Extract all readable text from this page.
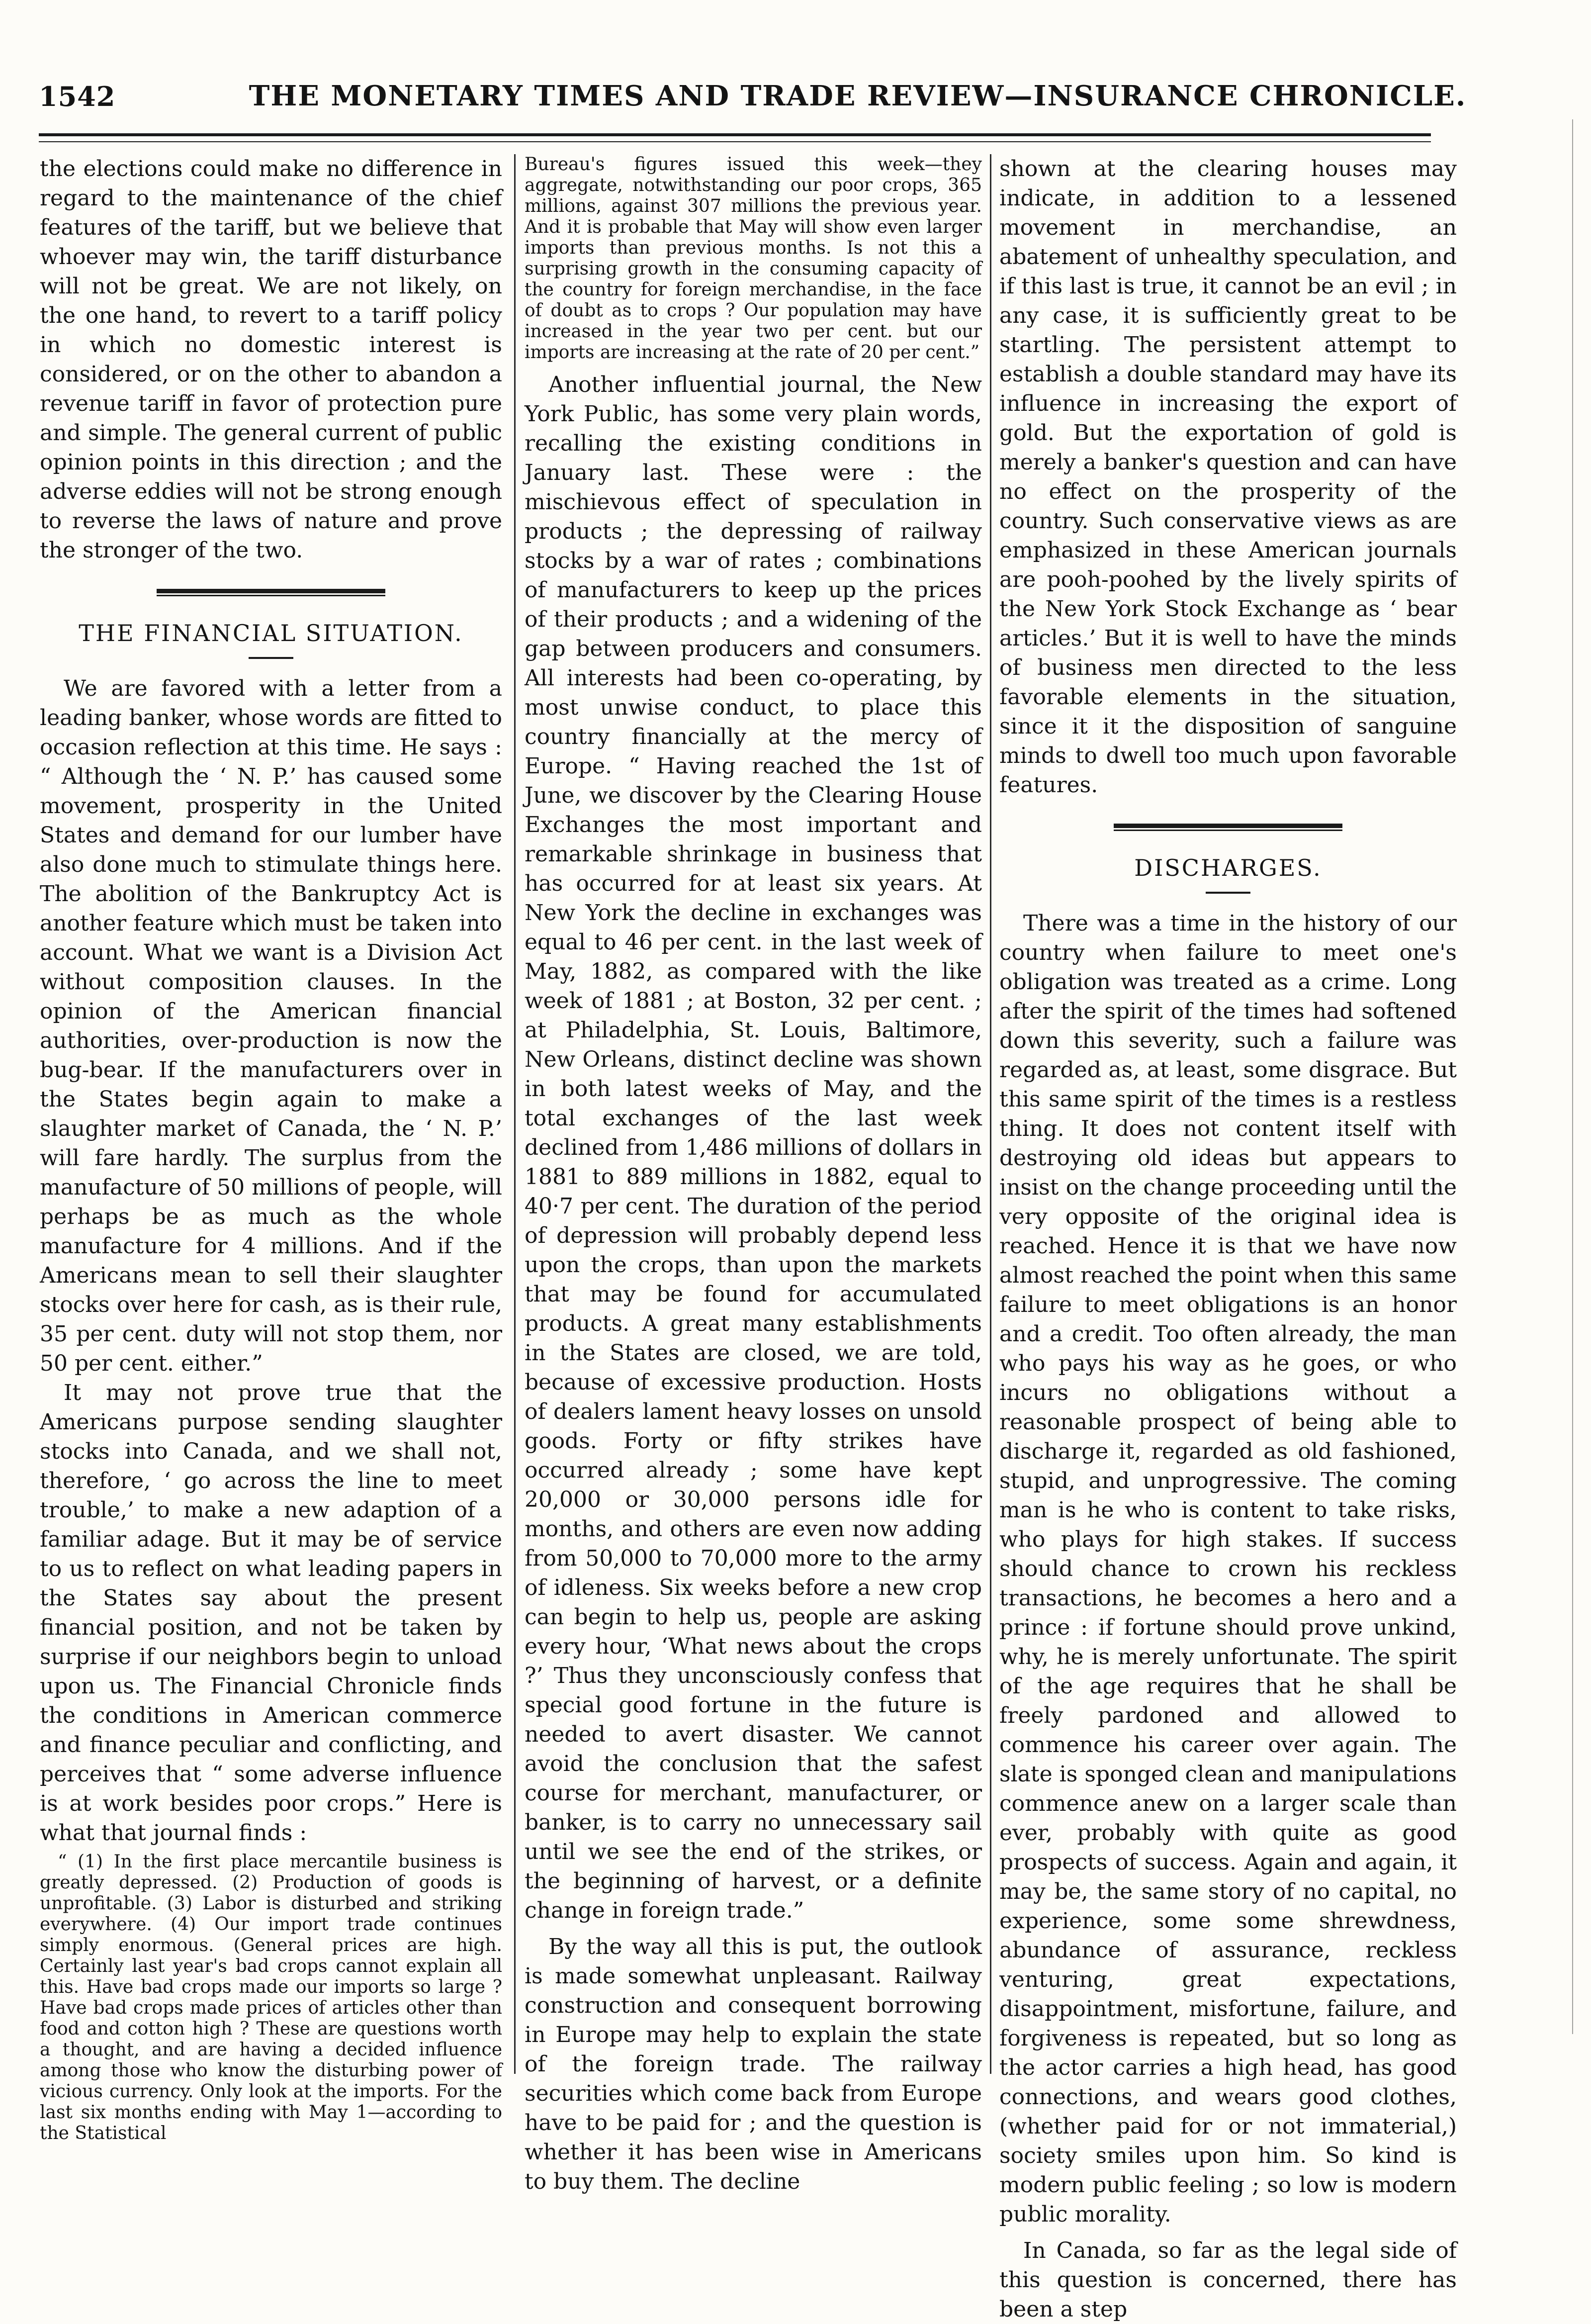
1542	THE MONETARY TIMES AND TRADE REVIEW—INSURANCE CHRONICLE.

the elections could make no difference in regard to the maintenance of the chief features of the tariff, but we believe that whoever may win, the tariff disturbance will not be great. We are not likely, on the one hand, to revert to a tariff policy in which no domestic interest is considered, or on the other to abandon a revenue tariff in favor of protection pure and simple. The general current of public opinion points in this direction ; and the adverse eddies will not be strong enough to reverse the laws of nature and prove the stronger of the two.

THE FINANCIAL SITUATION.

We are favored with a letter from a leading banker, whose words are fitted to occasion reflection at this time. He says : “ Although the ‘ N. P.’ has caused some movement, prosperity in the United States and demand for our lumber have also done much to stimulate things here. The abolition of the Bankruptcy Act is another feature which must be taken into account. What we want is a Division Act without composition clauses. In the opinion of the American financial authorities, over-production is now the bug-bear. If the manufacturers over in the States begin again to make a slaughter market of Canada, the ‘ N. P.’ will fare hardly. The surplus from the manufacture of 50 millions of people, will perhaps be as much as the whole manufacture for 4 millions. And if the Americans mean to sell their slaughter stocks over here for cash, as is their rule, 35 per cent. duty will not stop them, nor 50 per cent. either.”

It may not prove true that the Americans purpose sending slaughter stocks into Canada, and we shall not, therefore, ‘ go across the line to meet trouble,’ to make a new adaption of a familiar adage. But it may be of service to us to reflect on what leading papers in the States say about the present financial position, and not be taken by surprise if our neighbors begin to unload upon us. The Financial Chronicle finds the conditions in American commerce and finance peculiar and conflicting, and perceives that “ some adverse influence is at work besides poor crops.” Here is what that journal finds :

“ (1) In the first place mercantile business is greatly depressed. (2) Production of goods is unprofitable. (3) Labor is disturbed and striking everywhere. (4) Our import trade continues simply enormous. (General prices are high. Certainly last year's bad crops cannot explain all this. Have bad crops made our imports so large ? Have bad crops made prices of articles other than food and cotton high ? These are questions worth a thought, and are having a decided influence among those who know the disturbing power of vicious currency. Only look at the imports. For the last six months ending with May 1—according to the Statistical

Bureau's figures issued this week—they aggregate, notwithstanding our poor crops, 365 millions, against 307 millions the previous year. And it is probable that May will show even larger imports than previous months. Is not this a surprising growth in the consuming capacity of the country for foreign merchandise, in the face of doubt as to crops ? Our population may have increased in the year two per cent. but our imports are increasing at the rate of 20 per cent.”

Another influential journal, the New York Public, has some very plain words, recalling the existing conditions in January last. These were : the mischievous effect of speculation in products ; the depressing of railway stocks by a war of rates ; combinations of manufacturers to keep up the prices of their products ; and a widening of the gap between producers and consumers. All interests had been co-operating, by most unwise conduct, to place this country financially at the mercy of Europe. “ Having reached the 1st of June, we discover by the Clearing House Exchanges the most important and remarkable shrinkage in business that has occurred for at least six years. At New York the decline in exchanges was equal to 46 per cent. in the last week of May, 1882, as compared with the like week of 1881 ; at Boston, 32 per cent. ; at Philadelphia, St. Louis, Baltimore, New Orleans, distinct decline was shown in both latest weeks of May, and the total exchanges of the last week declined from 1,486 millions of dollars in 1881 to 889 millions in 1882, equal to 40·7 per cent. The duration of the period of depression will probably depend less upon the crops, than upon the markets that may be found for accumulated products. A great many establishments in the States are closed, we are told, because of excessive production. Hosts of dealers lament heavy losses on unsold goods. Forty or fifty strikes have occurred already ; some have kept 20,000 or 30,000 persons idle for months, and others are even now adding from 50,000 to 70,000 more to the army of idleness. Six weeks before a new crop can begin to help us, people are asking every hour, ‘What news about the crops ?’ Thus they unconsciously confess that special good fortune in the future is needed to avert disaster. We cannot avoid the conclusion that the safest course for merchant, manufacturer, or banker, is to carry no unnecessary sail until we see the end of the strikes, or the beginning of harvest, or a definite change in foreign trade.”

By the way all this is put, the outlook is made somewhat unpleasant. Railway construction and consequent borrowing in Europe may help to explain the state of the foreign trade. The railway securities which come back from Europe have to be paid for ; and the question is whether it has been wise in Americans to buy them. The decline

shown at the clearing houses may indicate, in addition to a lessened movement in merchandise, an abatement of unhealthy speculation, and if this last is true, it cannot be an evil ; in any case, it is sufficiently great to be startling. The persistent attempt to establish a double standard may have its influence in increasing the export of gold. But the exportation of gold is merely a banker's question and can have no effect on the prosperity of the country. Such conservative views as are emphasized in these American journals are pooh-poohed by the lively spirits of the New York Stock Exchange as ‘ bear articles.’ But it is well to have the minds of business men directed to the less favorable elements in the situation, since it it the disposition of sanguine minds to dwell too much upon favorable features.

DISCHARGES.

There was a time in the history of our country when failure to meet one's obligation was treated as a crime. Long after the spirit of the times had softened down this severity, such a failure was regarded as, at least, some disgrace. But this same spirit of the times is a restless thing. It does not content itself with destroying old ideas but appears to insist on the change proceeding until the very opposite of the original idea is reached. Hence it is that we have now almost reached the point when this same failure to meet obligations is an honor and a credit. Too often already, the man who pays his way as he goes, or who incurs no obligations without a reasonable prospect of being able to discharge it, regarded as old fashioned, stupid, and unprogressive. The coming man is he who is content to take risks, who plays for high stakes. If success should chance to crown his reckless transactions, he becomes a hero and a prince : if fortune should prove unkind, why, he is merely unfortunate. The spirit of the age requires that he shall be freely pardoned and allowed to commence his career over again. The slate is sponged clean and manipulations commence anew on a larger scale than ever, probably with quite as good prospects of success. Again and again, it may be, the same story of no capital, no experience, some some shrewdness, abundance of assurance, reckless venturing, great expectations, disappointment, misfortune, failure, and forgiveness is repeated, but so long as the actor carries a high head, has good connections, and wears good clothes, (whether paid for or not immaterial,) society smiles upon him. So kind is modern public feeling ; so low is modern public morality.

In Canada, so far as the legal side of this question is concerned, there has been a step
